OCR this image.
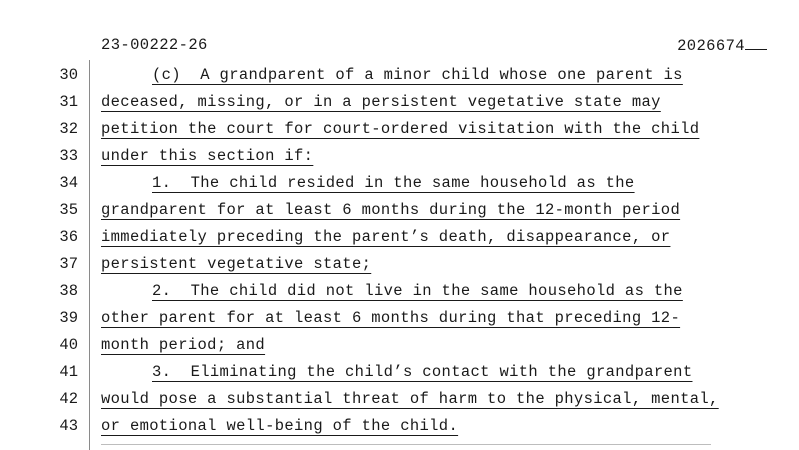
23-00222-26	2026674
30	(c)  A grandparent of a minor child whose one parent is
31 deceased, missing, or in a persistent vegetative state may
32 petition the court for court-ordered visitation with the child
33 under this section if:
34	1.  The child resided in the same household as the
35 grandparent for at least 6 months during the 12-month period
36 immediately preceding the parent’s death, disappearance, or
37 persistent vegetative state;
38	2.  The child did not live in the same household as the
39 other parent for at least 6 months during that preceding 12-
40 month period; and
41	3.  Eliminating the child’s contact with the grandparent
42 would pose a substantial threat of harm to the physical, mental,
43 or emotional well-being of the child.
